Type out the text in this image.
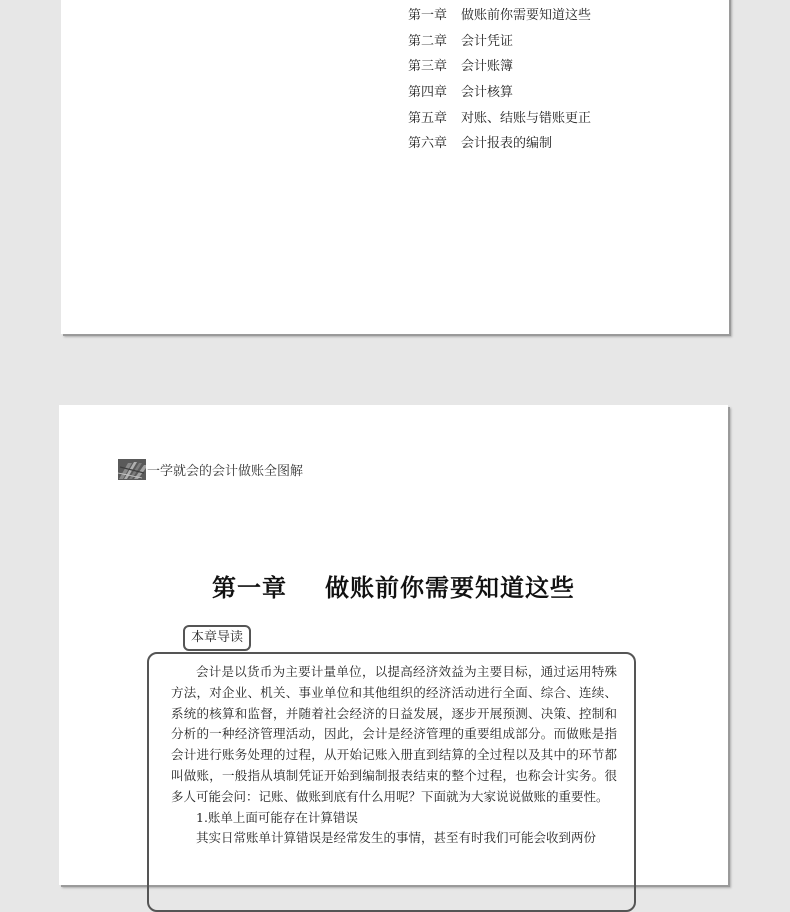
第一章 做账前你需要知道这些
第二章 会计凭证
第三章 会计账簿
第四章 会计核算
第五章 对账、结账与错账更正
第六章 会计报表的编制
一学就会的会计做账全图解
第一章 做账前你需要知道这些
本章导读

会计是以货币为主要计量单位，以提高经济效益为主要目标，通过运用特殊方法，对企业、机关、事业单位和其他组织的经济活动进行全面、综合、连续、系统的核算和监督，并随着社会经济的日益发展，逐步开展预测、决策、控制和分析的一种经济管理活动，因此，会计是经济管理的重要组成部分。而做账是指会计进行账务处理的过程，从开始记账入册直到结算的全过程以及其中的环节都叫做账，一般指从填制凭证开始到编制报表结束的整个过程，也称会计实务。很多人可能会问：记账、做账到底有什么用呢？下面就为大家说说做账的重要性。

1.账单上面可能存在计算错误

其实日常账单计算错误是经常发生的事情，甚至有时我们可能会收到两份
